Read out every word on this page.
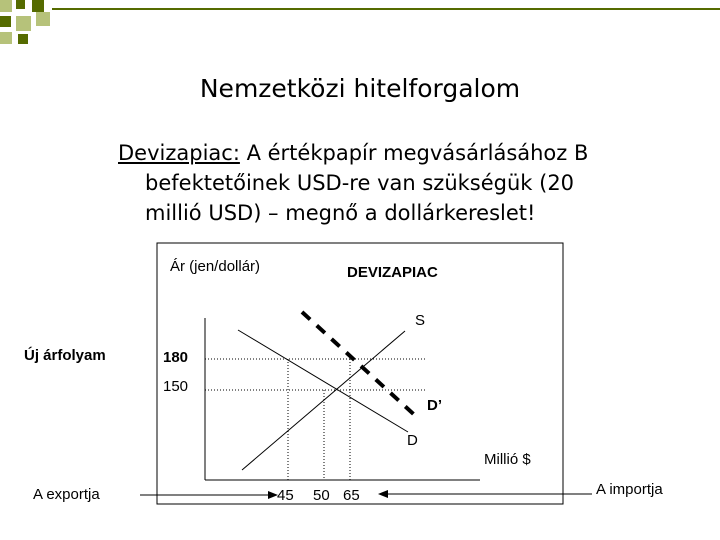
Nemzetközi hitelforgalom
Devizapiac: A értékpapír megvásárlásához B
befektetőinek USD-re van szükségük (20
millió USD) – megnő a dollárkereslet!
Ár (jen/dollár)	DEVIZAPIAC
S
Új árfolyam	180
150
D’
D
Millió $
A exportja	45 50 65	A importja
